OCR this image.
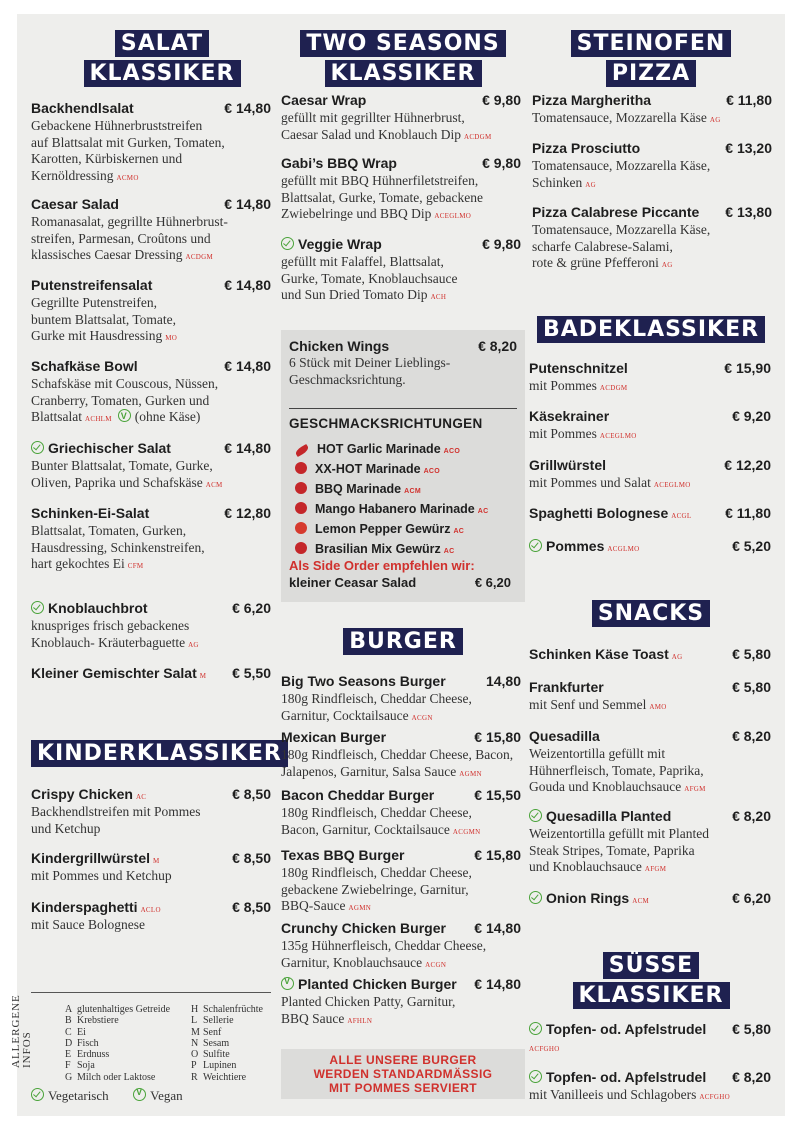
SALAT
KLASSIKER
TWO SEASONS
KLASSIKER
STEINOFEN
PIZZA
BADEKLASSIKER
BURGER
SNACKS
KINDERKLASSIKER
SÜSSE
KLASSIKER
Backhendlsalat	€ 14,80
Gebackene Hühnerbruststreifen
auf Blattsalat mit Gurken, Tomaten,
Karotten, Kürbiskernen und
Kernöldressing ACMO
Caesar Salad	€ 14,80
Romanasalat, gegrillte Hühnerbrust-
streifen, Parmesan, Croûtons und
klassisches Caesar Dressing ACDGM
Putenstreifensalat	€ 14,80
Gegrillte Putenstreifen,
buntem Blattsalat, Tomate,
Gurke mit Hausdressing MO
Schafkäse Bowl	€ 14,80
Schafskäse mit Couscous, Nüssen,
Cranberry, Tomaten, Gurken und
Blattsalat ACHLM V (ohne Käse)
Griechischer Salat	€ 14,80
Bunter Blattsalat, Tomate, Gurke,
Oliven, Paprika und Schafskäse ACM
Schinken-Ei-Salat	€ 12,80
Blattsalat, Tomaten, Gurken,
Hausdressing, Schinkenstreifen,
hart gekochtes Ei CFM
Knoblauchbrot	€ 6,20
knuspriges frisch gebackenes
Knoblauch- Kräuterbaguette AG
Kleiner Gemischter Salat M € 5,50
Crispy Chicken AC	€ 8,50
Backhendlstreifen mit Pommes
und Ketchup
Kindergrillwürstel M	€ 8,50
mit Pommes und Ketchup
Kinderspaghetti ACLO	€ 8,50
mit Sauce Bolognese
Caesar Wrap	€ 9,80
gefüllt mit gegrillter Hühnerbrust,
Caesar Salad und Knoblauch Dip ACDGM
Gabi’s BBQ Wrap	€ 9,80
gefüllt mit BBQ Hühnerfiletstreifen,
Blattsalat, Gurke, Tomate, gebackene
Zwiebelringe und BBQ Dip ACEGLMO
Veggie Wrap	€ 9,80
gefüllt mit Falaffel, Blattsalat,
Gurke, Tomate, Knoblauchsauce
und Sun Dried Tomato Dip ACH
Big Two Seasons Burger	14,80
180g Rindfleisch, Cheddar Cheese,
Garnitur, Cocktailsauce ACGN
Mexican Burger	€ 15,80
180g Rindfleisch, Cheddar Cheese, Bacon,
Jalapenos, Garnitur, Salsa Sauce AGMN
Bacon Cheddar Burger	€ 15,50
180g Rindfleisch, Cheddar Cheese,
Bacon, Garnitur, Cocktailsauce ACGMN
Texas BBQ Burger	€ 15,80
180g Rindfleisch, Cheddar Cheese,
gebackene Zwiebelringe, Garnitur,
BBQ-Sauce AGMN
Crunchy Chicken Burger € 14,80
135g Hühnerfleisch, Cheddar Cheese,
Garnitur, Knoblauchsauce ACGN
VPlanted Chicken Burger € 14,80
Planted Chicken Patty, Garnitur,
BBQ Sauce AFHLN
Pizza Margheritha	€ 11,80
Tomatensauce, Mozzarella Käse AG
Pizza Prosciutto	€ 13,20
Tomatensauce, Mozzarella Käse,
Schinken AG
Pizza Calabrese Piccante € 13,80
Tomatensauce, Mozzarella Käse,
scharfe Calabrese-Salami,
rote & grüne Pfefferoni AG
Putenschnitzel	€ 15,90
mit Pommes ACDGM
Käsekrainer	€ 9,20
mit Pommes ACEGLMO
Grillwürstel	€ 12,20
mit Pommes und Salat ACEGLMO
Spaghetti Bolognese ACGL € 11,80
Pommes ACGLMO	€ 5,20
Schinken Käse Toast AG	€ 5,80
Frankfurter	€ 5,80
mit Senf und Semmel AMO
Quesadilla	€ 8,20
Weizentortilla gefüllt mit
Hühnerfleisch, Tomate, Paprika,
Gouda und Knoblauchsauce AFGM
Quesadilla Planted	€ 8,20
Weizentortilla gefüllt mit Planted
Steak Stripes, Tomate, Paprika
und Knoblauchsauce AFGM
Onion Rings ACM	€ 6,20
Topfen- od. Apfelstrudel € 5,80
ACFGHO
Topfen- od. Apfelstrudel € 8,20
mit Vanilleeis und Schlagobers ACFGHO
Chicken Wings	€ 8,20
6 Stück mit Deiner Lieblings-
Geschmacksrichtung.
GESCHMACKSRICHTUNGEN
HOT Garlic Marinade ACO
XX-HOT Marinade ACO
BBQ Marinade ACM
Mango Habanero Marinade AC
Lemon Pepper Gewürz AC
Brasilian Mix Gewürz AC
Als Side Order empfehlen wir:
kleiner Ceasar Salad	€ 6,20
ALLE UNSERE BURGER
WERDEN STANDARDMÄSSIG
MIT POMMES SERVIERT
ALLERGENE INFOS
A glutenhaltiges Getreide
B Krebstiere
C Ei
D Fisch
E Erdnuss
F Soja
G Milch oder Laktose
H Schalenfrüchte
L Sellerie
M Senf
N Sesam
O Sulfite
P Lupinen
R Weichtiere
Vegetarisch V	Vegan
